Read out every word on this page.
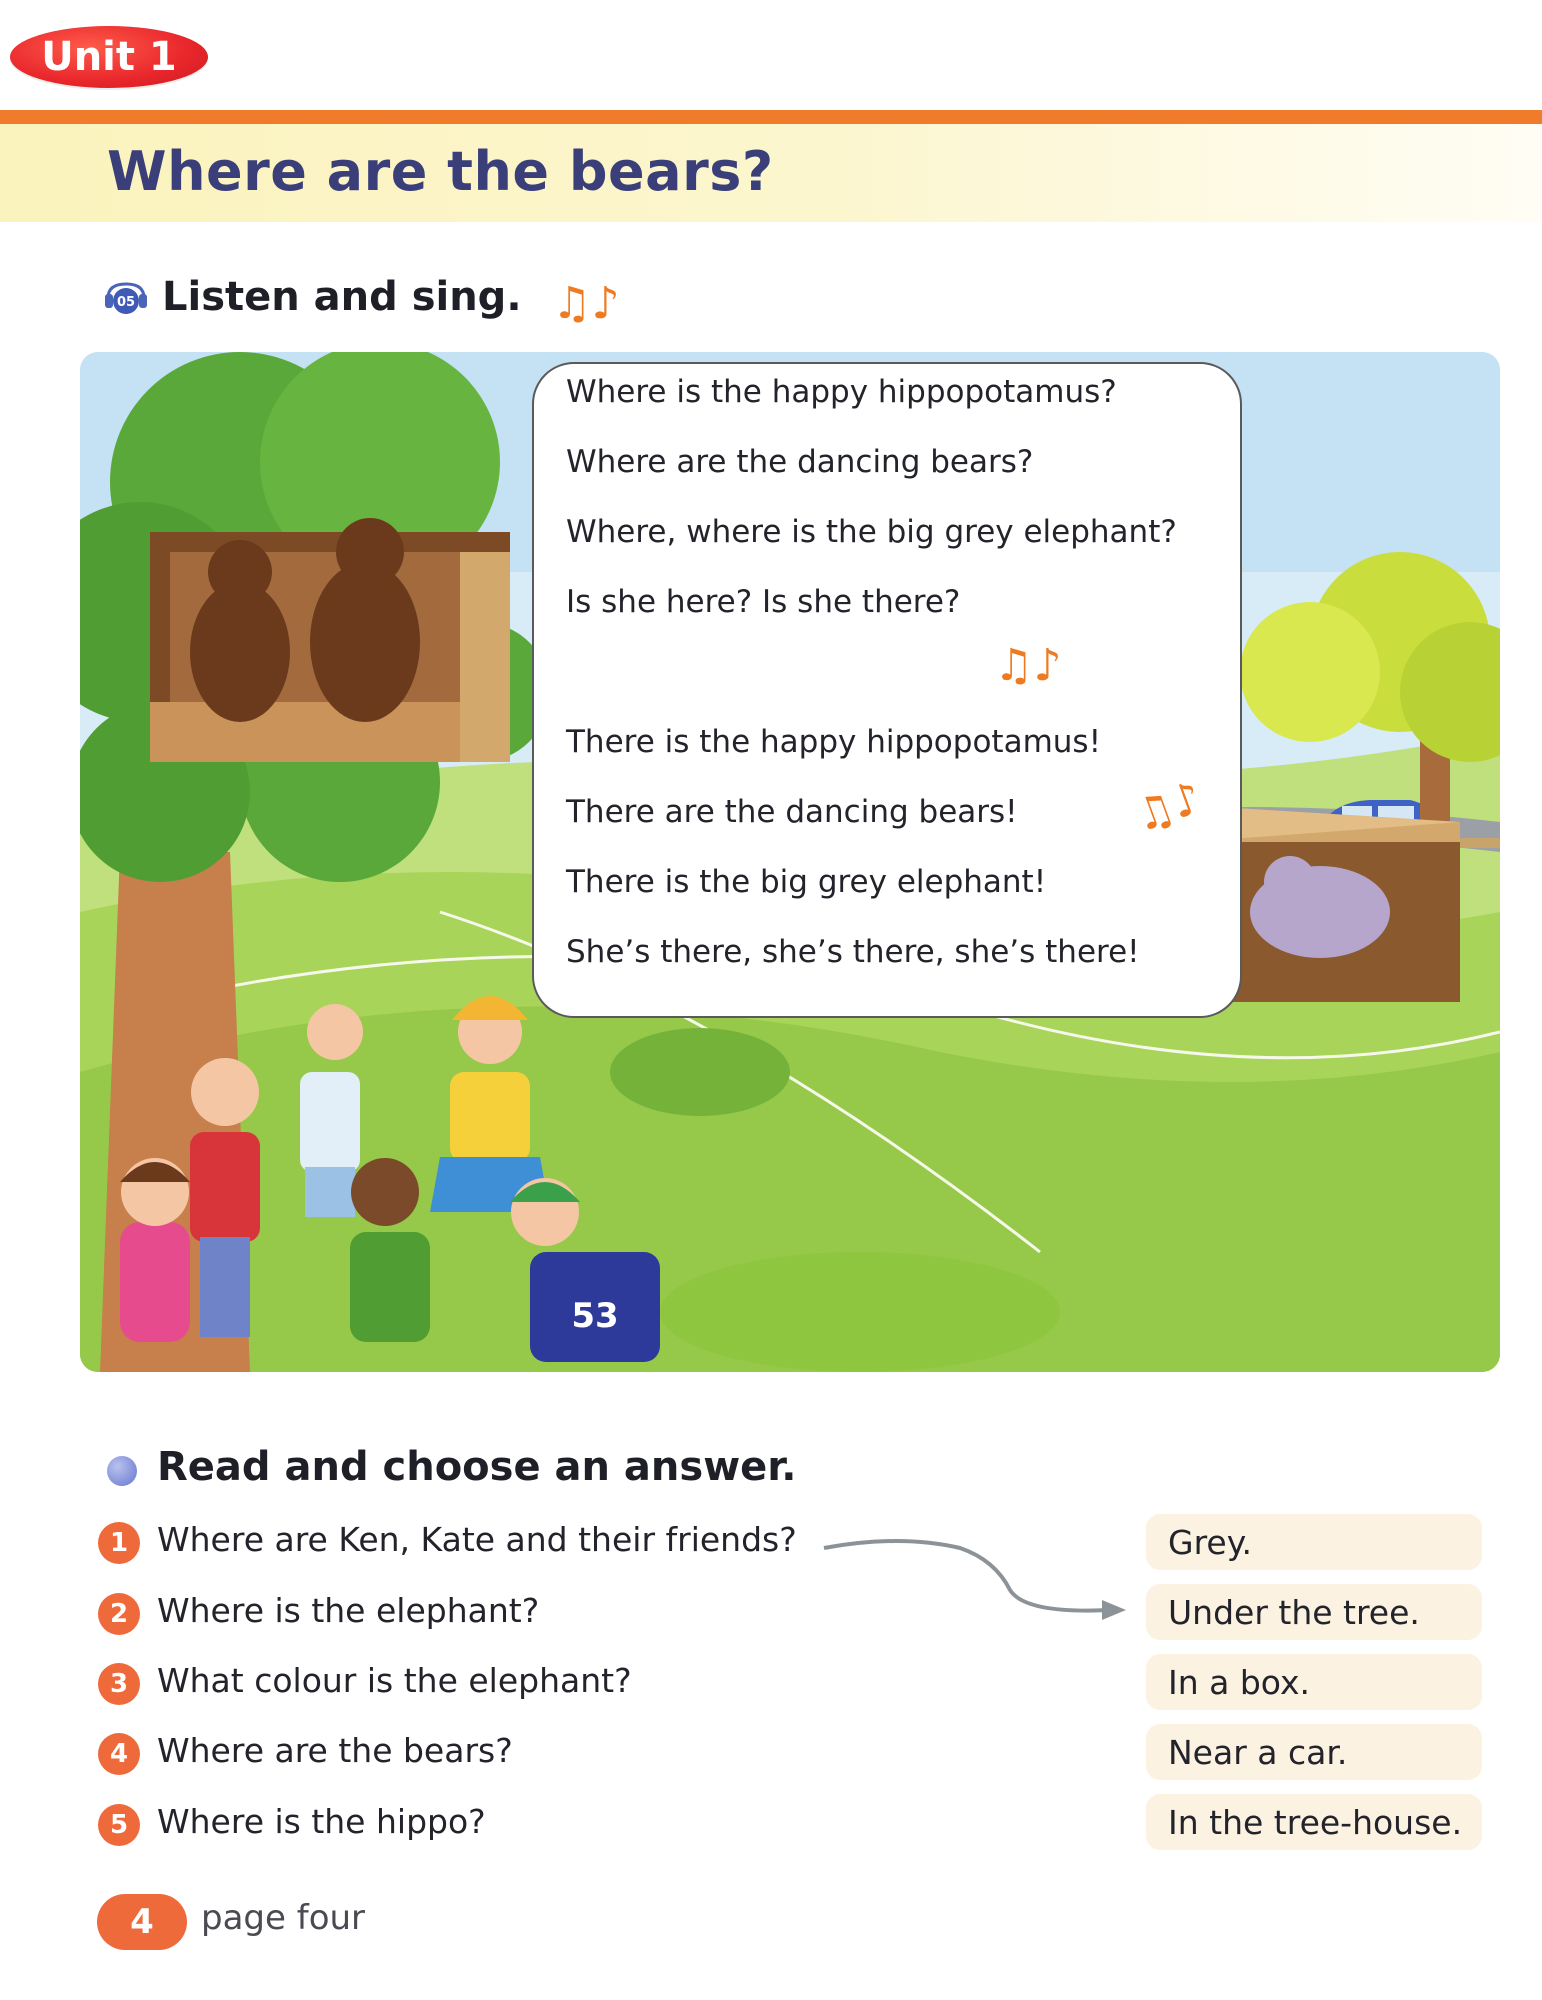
Unit 1
Where are the bears?
05 Listen and sing. ♫♪
53
Where is the happy hippopotamus?
Where are the dancing bears?
Where, where is the big grey elephant?
Is she here? Is she there?
♫♪
There is the happy hippopotamus!
There are the dancing bears! ♫♪
There is the big grey elephant!
She’s there, she’s there, she’s there!
Read and choose an answer.
1 Where are Ken, Kate and their friends?
2 Where is the elephant?
3 What colour is the elephant?
4 Where are the bears?
5 Where is the hippo?
Grey.
Under the tree.
In a box.
Near a car.
In the tree-house.
4	page four
